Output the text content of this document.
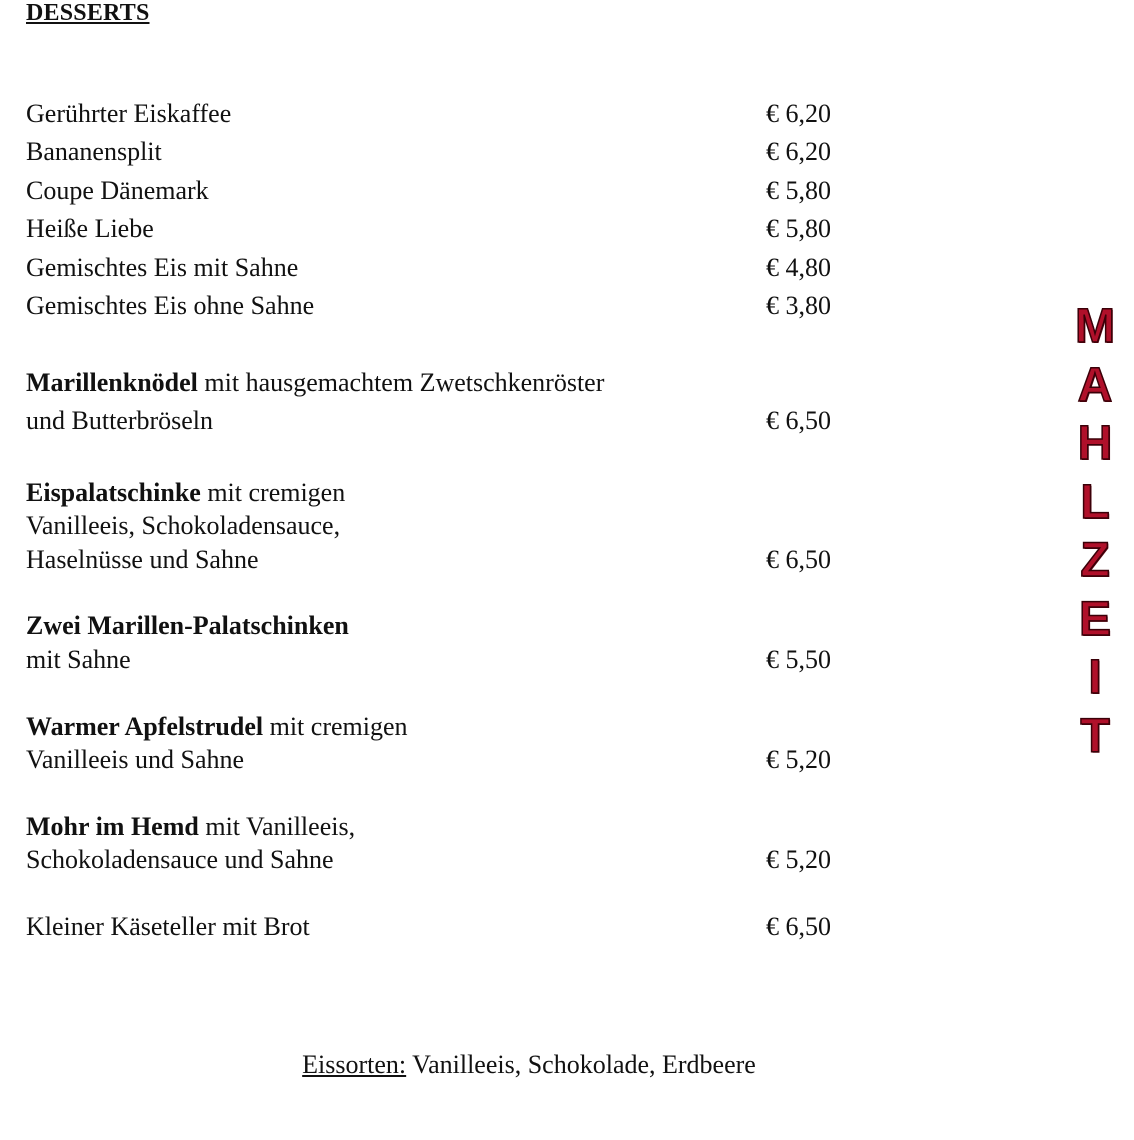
DESSERTS
Gerührter Eiskaffee	€ 6,20
Bananensplit	€ 6,20
Coupe Dänemark	€ 5,80
Heiße Liebe	€ 5,80
Gemischtes Eis mit Sahne	€ 4,80
Gemischtes Eis ohne Sahne	€ 3,80
Marillenknödel mit hausgemachtem Zwetschkenröster
und Butterbröseln	€ 6,50
Eispalatschinke mit cremigen
Vanilleeis, Schokoladensauce,
Haselnüsse und Sahne	€ 6,50
Zwei Marillen-Palatschinken
mit Sahne	€ 5,50
Warmer Apfelstrudel mit cremigen
Vanilleeis und Sahne	€ 5,20
Mohr im Hemd mit Vanilleeis,
Schokoladensauce und Sahne	€ 5,20
Kleiner Käseteller mit Brot	€ 6,50
M
A
H
L
Z
E
I
T
Eissorten: Vanilleeis, Schokolade, Erdbeere
